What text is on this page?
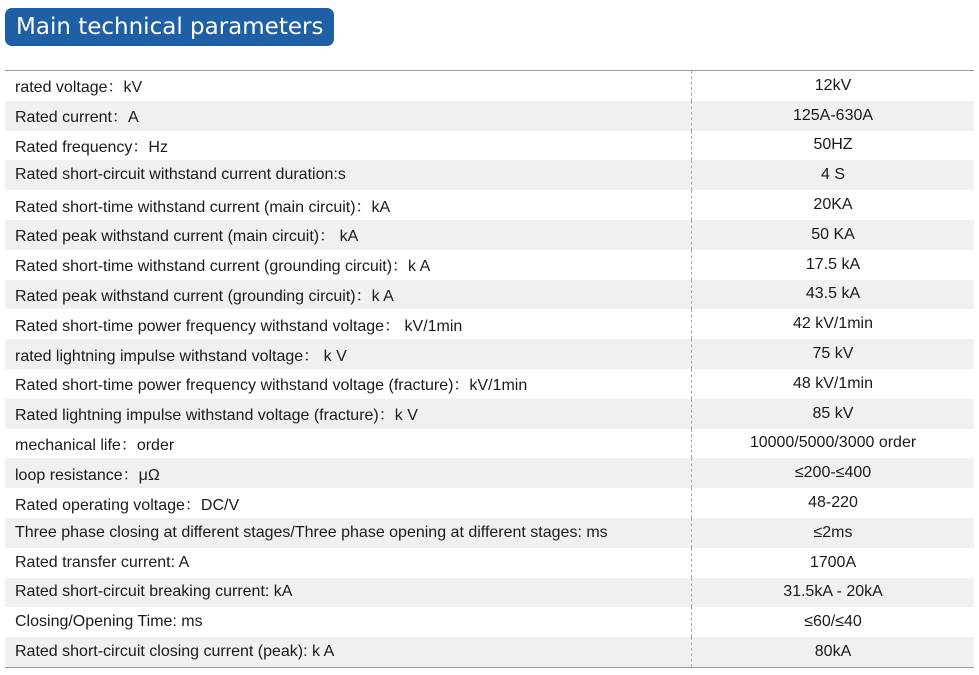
Main technical parameters
rated voltage：kV	12kV
Rated current：A	125A-630A
Rated frequency：Hz	50HZ
Rated short-circuit withstand current duration:s	4 S
Rated short-time withstand current (main circuit)：kA	20KA
Rated peak withstand current (main circuit)： kA	50 KA
Rated short-time withstand current (grounding circuit)：k A	17.5 kA
Rated peak withstand current (grounding circuit)：k A	43.5 kA
Rated short-time power frequency withstand voltage： kV/1min	42 kV/1min
rated lightning impulse withstand voltage： k V	75 kV
Rated short-time power frequency withstand voltage (fracture)：kV/1min	48 kV/1min
Rated lightning impulse withstand voltage (fracture)：k V	85 kV
mechanical life：order	10000/5000/3000 order
loop resistance：μΩ	≤200-≤400
Rated operating voltage：DC/V	48-220
Three phase closing at different stages/Three phase opening at different stages: ms	≤2ms
Rated transfer current: A	1700A
Rated short-circuit breaking current: kA	31.5kA - 20kA
Closing/Opening Time: ms	≤60/≤40
Rated short-circuit closing current (peak): k A	80kA
